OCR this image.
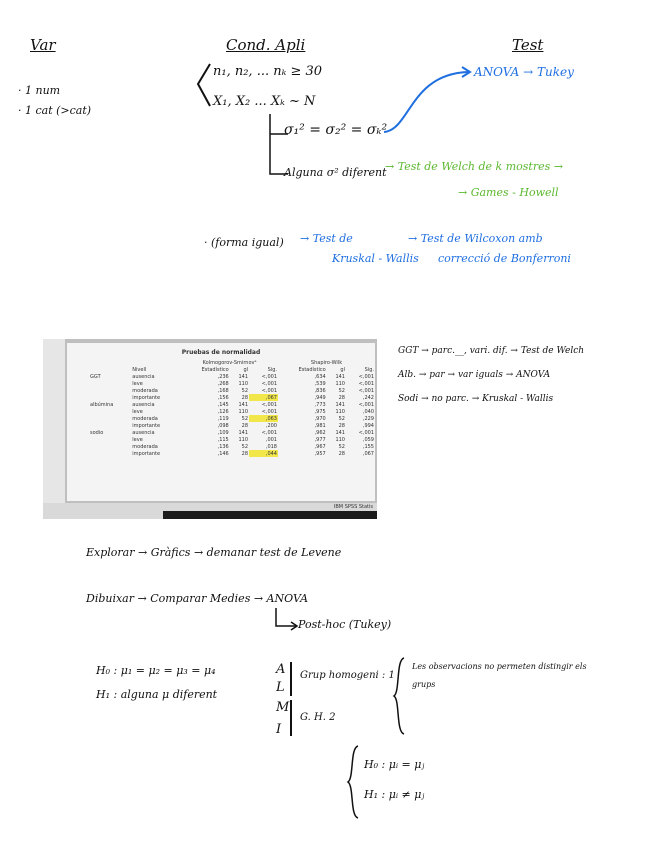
Var	Cond. Apli	Test
· 1 num
· 1 cat (>cat)
n₁, n₂, ... nₖ ≥ 30
X₁, X₂ ... Xₖ ~ N
σ₁² = σ₂² = σₖ²
Alguna σ² diferent
· (forma igual)
ANOVA → Tukey
→ Test de Welch de k mostres →
→ Games - Howell
→ Test de
Kruskal - Wallis
→ Test de Wilcoxon amb
correcció de Bonferroni
Pruebas de normalidad
		Kolmogorov-Smirnovᵃ			Shapiro-Wilk		
	Nivell	Estadístico	gl	Sig.	Estadístico	gl	Sig.
GGT	ausencia	,236	141	<,001	,634	141	<,001
	leve	,268	110	<,001	,539	110	<,001
	moderada	,168	52	<,001	,836	52	<,001
	importante	,156	28	,067	,949	28	,242
albúmina	ausencia	,145	141	<,001	,773	141	<,001
	leve	,126	110	<,001	,975	110	,040
	moderada	,119	52	,063	,970	52	,229
	importante	,098	28	,200	,981	28	,994
sodio	ausencia	,109	141	<,001	,962	141	<,001
	leve	,115	110	,001	,977	110	,059
	moderada	,136	52	,018	,967	52	,155
	importante	,146	28	,044	,957	28	,067
IBM SPSS Statis
GGT → parc.__, vari. dif. → Test de Welch
Alb. → par → var iguals → ANOVA
Sodi → no parc. → Kruskal - Wallis
Explorar → Gràfics → demanar test de Levene
Dibuixar → Comparar Medies → ANOVA
Post-hoc (Tukey)
H₀ : μ₁ = μ₂ = μ₃ = μ₄
H₁ : alguna μ diferent
A
L
M
I
Grup homogeni : 1
G. H. 2
Les observacions no permeten distingir els
grups
H₀ : μᵢ = μⱼ
H₁ : μᵢ ≠ μⱼ
